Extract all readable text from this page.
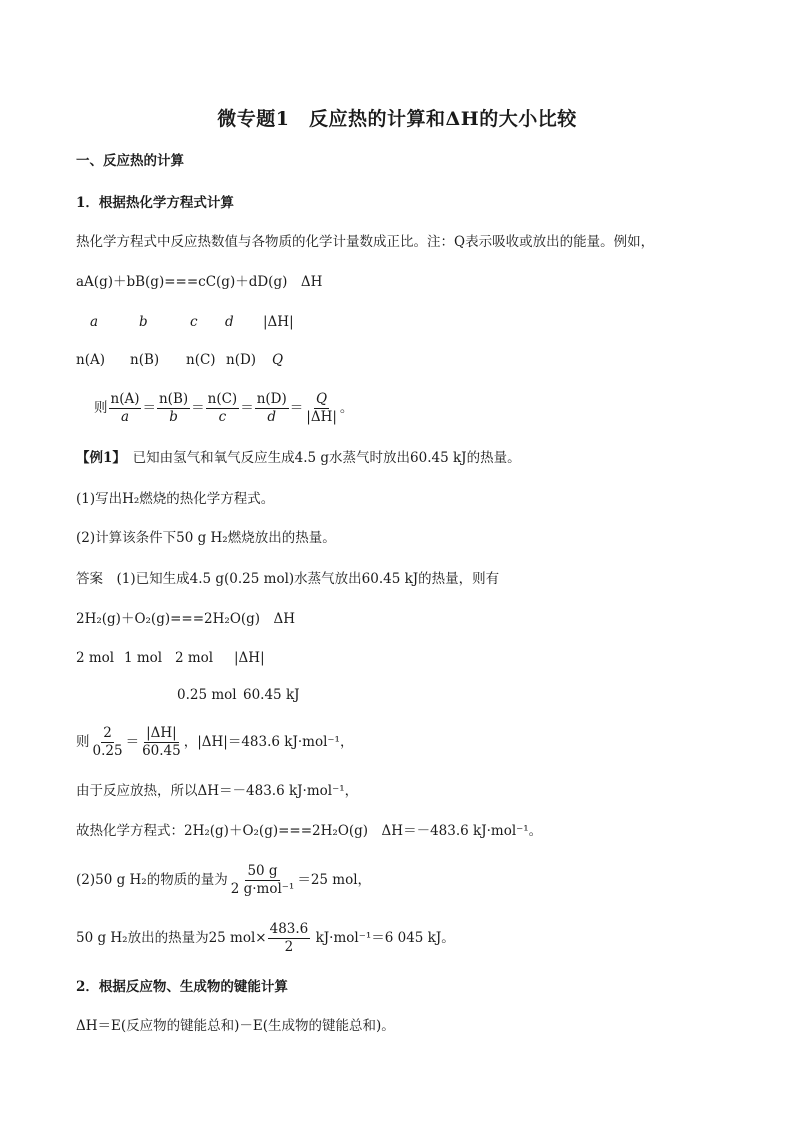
微专题1　反应热的计算和ΔH的大小比较
一、反应热的计算
1．根据热化学方程式计算
热化学方程式中反应热数值与各物质的化学计量数成正比。注：Q表示吸收或放出的能量。例如，
aA(g)＋bB(g)===cC(g)＋dD(g)　ΔH
a	b	c d |ΔH|
n(A) n(B) n(C) n(D) Q
则 $\frac{n(A)}{a} = \frac{n(B)}{b} = \frac{n(C)}{c} = \frac{n(D)}{d} = \frac{Q}{|\Delta H|}$ 。
【例1】　 已知由氢气和氧气反应生成4.5 g水蒸气时放出60.45 kJ的热量。
(1)写出H₂燃烧的热化学方程式。
(2)计算该条件下50 g H₂燃烧放出的热量。
答案　 (1)已知生成4.5 g(0.25 mol)水蒸气放出60.45 kJ的热量，则有
2H₂(g)＋O₂(g)===2H₂O(g)　ΔH
2 mol 1 mol 2 mol |ΔH|
0.25 mol 60.45 kJ
则 $\frac{2}{0.25} = \frac{|\Delta H|}{60.45}$ ，|ΔH|＝483.6 kJ·mol⁻¹，
由于反应放热，所以ΔH＝－483.6 kJ·mol⁻¹，
故热化学方程式：2H₂(g)＋O₂(g)===2H₂O(g)　ΔH＝－483.6 kJ·mol⁻¹。
(2)50 g H₂的物质的量为 $\frac{50 g}{\text{2 g·mol⁻¹}} =25$ mol，
50 g H₂放出的热量为25 $mol\times \frac{483.6}{2} kJ\cdot mol^{-1}=6$ 045 kJ。
2．根据反应物、生成物的键能计算
ΔH＝E(反应物的键能总和)－E(生成物的键能总和)。
